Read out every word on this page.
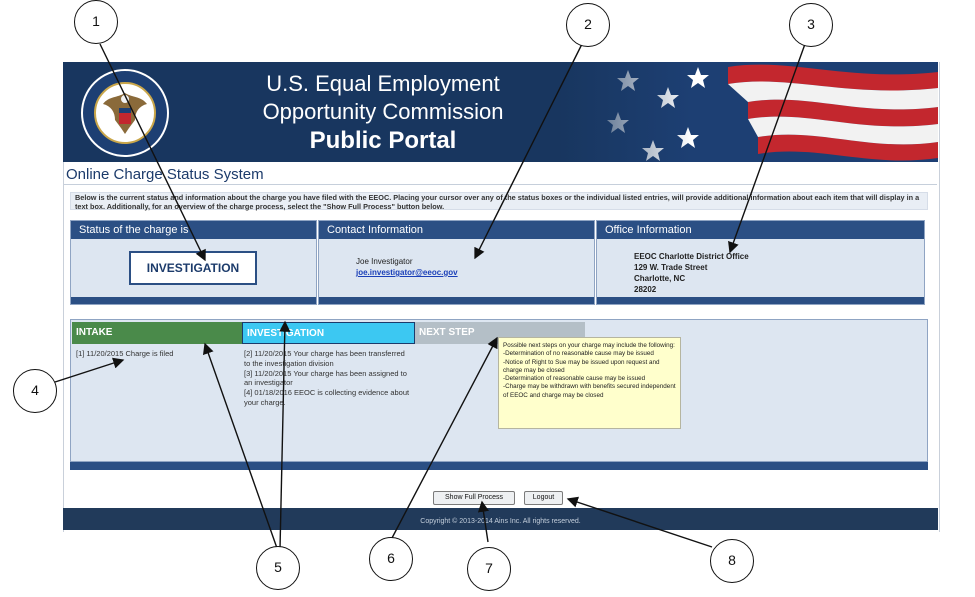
U.S. Equal Employment
Opportunity Commission
Public Portal
Online Charge Status System
Below is the current status and information about the charge you have filed with the EEOC. Placing your cursor over any of the status boxes or the individual listed entries, will provide additional information about each item that will display in a text box. Additionally, for an overview of the charge process, select the "Show Full Process" button below.
Status of the charge is
INVESTIGATION
Contact Information
Joe Investigator
joe.investigator@eeoc.gov
Office Information
EEOC Charlotte District Office
129 W. Trade Street
Charlotte, NC
28202
INTAKE	INVESTIGATION	NEXT STEP
[1] 11/20/2015 Charge is filed	[2] 11/20/2015 Your charge has been transferred to the investigation division
[3] 11/20/2015 Your charge has been assigned to an investigator
[4] 01/18/2016 EEOC is collecting evidence about your charge.
Possible next steps on your charge may include the following:
-Determination of no reasonable cause may be issued
-Notice of Right to Sue may be issued upon request and charge may be closed
-Determination of reasonable cause may be issued
-Charge may be withdrawn with benefits secured independent of EEOC and charge may be closed
Show Full Process	Logout
Copyright © 2013-2014 Ains Inc. All rights reserved.
1	2	3
4
5
6
7	8
